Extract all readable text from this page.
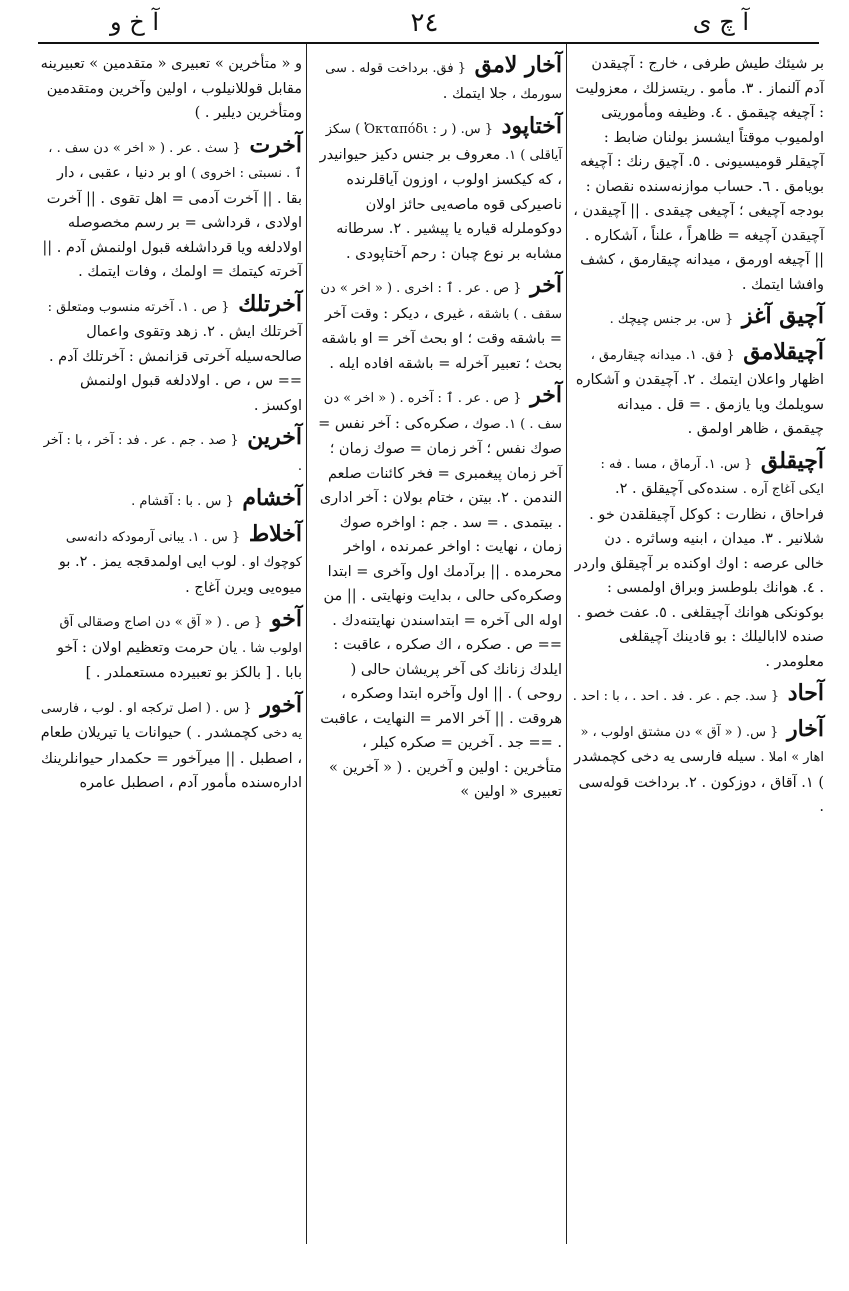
آ خ و	٢٤	آ چ ى
بر شيئك طيش طرفى ، خارج : آچيقدن آدم آلنماز . ٣. مأمو . ريتسزلك ، معزوليت : آچيغه چيقمق . ٤. وظيفه ومأموريتى اولميوب موقتاً ايشسز بولنان ضابط : آچيقلر قوميسيونى . ٥. آچيق رنك : آچيغه بويامق . ٦. حساب موازنه‌سنده نقصان : بودجه آچيغى ؛ آچيغى چيقدى . || آچيقدن ، آچيقدن آچيغه = ظاهراً ، علناً ، آشكاره . || آچيغه اورمق ، ميدانه چيقارمق ، كشف وافشا ايتمك .
آچيق آغز { س. بر جنس چيچك .
آچيقلامق { فق. ١. ميدانه چيقارمق ، اظهار واعلان ايتمك . ٢. آچيقدن و آشكاره سويلمك ويا يازمق . = قل . ميدانه چيقمق ، ظاهر اولمق .
آچيقلق { س. ١. آرماق ، مسا . فه : ايكى آغاج آره . سنده‌كى آچيقلق . ٢. فراحاق ، نظارت : كوكل آچيقلقدن خو . شلانير . ٣. ميدان ، ابنيه وساثره . دن خالى عرصه : اوك اوكنده بر آچيقلق واردر . ٤. هوانك بلوطسز وبراق اولمسى : بوكونكى هوانك آچيقلغى . ٥. عفت خصو . صنده لاابالیلك : بو قادينك آچيقلغى معلومدر .
آحاد { سد. جم . عر . فد . احد . ، با : احد .
آخار { س. ( « آق » دن مشتق اولوب ، « اهار » املا . سيله فارسى يه دخى كچمشدر ) ١. آقاق ، دوزكون . ٢. برداخت قوله‌سى .
آخار لامق { فق. برداخت قوله . سى سورمك ، جلا ايتمك .
آختاپود { س. ( ر : Ὀκταπόδι ) سكز آياقلى ) ١. معروف بر جنس دكيز حيوانيدر ، كه كيكسز اولوب ، اوزون آياقلرنده ناصيركى قوه ماصه‌يى حائز اولان دوكوملرله قياره يا پيشير . ٢. سرطانه مشابه بر نوع چبان : رحم آختاپودى .
آخر { ص . عر . ٱ : اخرى . ( « اخر » دن سقف . ) باشقه ، غيرى ، ديكر : وقت آخر = باشقه وقت ؛ او بحث آخر = او باشقه بحث ؛ تعبير آخرله = باشقه افاده ايله .
آخر { ص . عر . ٱ : آخره . ( « اخر » دن سف . ) ١. صوك ، صكره‌كى : آخر نفس = صوك نفس ؛ آخر زمان = صوك زمان ؛ آخر زمان پيغمبرى = فخر كائنات صلعم الندمن . ٢. بيتن ، ختام بولان : آخر ادارى . بيتمدى . = سد . جم : اواخره صوك زمان ، نهايت : اواخر عمرنده ، اواخر محرمده . || برآدمك اول وآخرى = ابتدا وصكره‌كى حالى ، بدايت ونهايتى . || من اوله الى آخره = ابتداسندن نهايتنه‌دك . == ص . صكره ، اك صكره ، عاقبت : ايلدك زنانك كى آخر پريشان حالى ( روحى ) . || اول وآخره ابتدا وصكره ، هروقت . || آخر الامر = النهايت ، عاقبت . == جد . آخرين = صكره كيلر ، متأخرين : اولين و آخرين . ( « آخرين » تعبيرى « اولين »
و « متأخرين » تعبيرى « متقدمين » تعبيرينه مقابل قوللانيلوب ، اولين وآخرين ومتقدمين ومتأخرين ديلير . )
آخرت { سث . عر . ( « اخر » دن سف . ، ٱ . نسبتى : اخروى ) او بر دنيا ، عقبى ، دار بقا . || آخرت آدمى = اهل تقوى . || آخرت اولادى ، قرداشى = بر رسم مخصوصله اولادلغه ويا قرداشلغه قبول اولنمش آدم . || آخرته كيتمك = اولمك ، وفات ايتمك .
آخرتلك { ص . ١. آخرته منسوب ومتعلق : آخرتلك ايش . ٢. زهد وتقوى واعمال صالحه‌سيله آخرتى قزانمش : آخرتلك آدم . == س ، ص . اولادلغه قبول اولنمش اوكسز .
آخرين { صد . جم . عر . فد : آخر ، با : آخر .
آخشام { س . با : آقشام .
آخلاط { س . ١. يبانى آرمودكه دانه‌سى كوچوك او . لوب ايى اولمدقجه يمز . ٢. بو ميوه‌يى ويرن آغاج .
آخو { ص . ( « آق » دن اصاج وصقالى آق اولوب شا . يان حرمت وتعظيم اولان : آخو بابا . [ بالكز بو تعبيرده مستعملدر . ]
آخور { س . ( اصل تركجه او . لوب ، فارسى يه دخى كچمشدر . ) حيوانات يا تيريلان طعام ، اصطبل . || ميرآخور = حكمدار حيوانلرينك اداره‌سنده مأمور آدم ، اصطبل عامره
